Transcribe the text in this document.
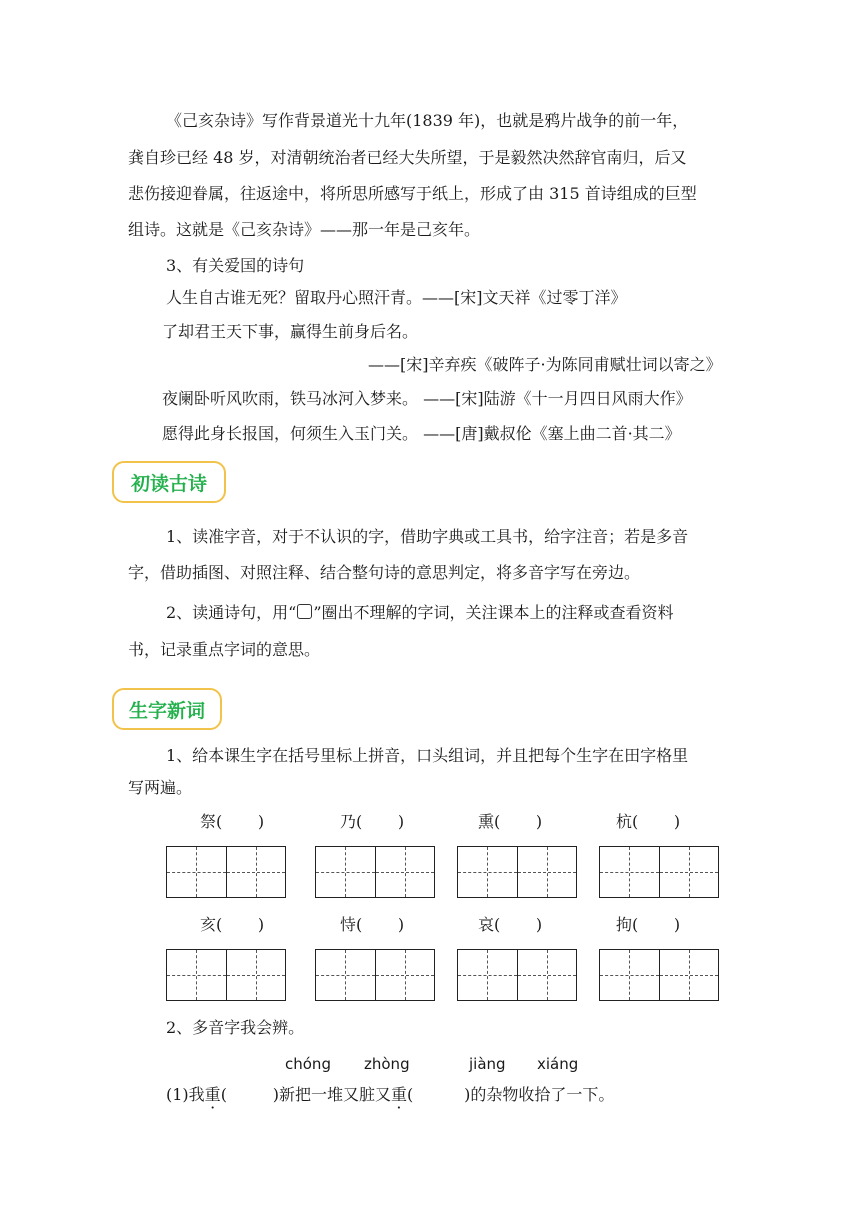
《己亥杂诗》写作背景道光十九年(1839 年)，也就是鸦片战争的前一年，
龚自珍已经 48 岁，对清朝统治者已经大失所望，于是毅然决然辞官南归，后又
悲伤接迎眷属，往返途中，将所思所感写于纸上，形成了由 315 首诗组成的巨型
组诗。这就是《己亥杂诗》——那一年是己亥年。
3、有关爱国的诗句
人生自古谁无死？留取丹心照汗青。——[宋]文天祥《过零丁洋》
了却君王天下事，赢得生前身后名。
——[宋]辛弃疾《破阵子·为陈同甫赋壮词以寄之》
夜阑卧听风吹雨，铁马冰河入梦来。 ——[宋]陆游《十一月四日风雨大作》
愿得此身长报国，何须生入玉门关。 ——[唐]戴叔伦《塞上曲二首·其二》
初读古诗
1、读准字音，对于不认识的字，借助字典或工具书，给字注音；若是多音
字，借助插图、对照注释、结合整句诗的意思判定，将多音字写在旁边。
2、读通诗句，用“ ”圈出不理解的字词，关注课本上的注释或查看资料
书，记录重点字词的意思。
生字新词
1、给本课生字在括号里标上拼音，口头组词，并且把每个生字在田字格里
写两遍。
祭(       )	乃(       )	熏(       )	杭(       )
亥(       )	恃(       )	哀(       )	拘(       )
2、多音字我会辨。
chóng zhòng	jiàng xiáng
(1)我重(         )新把一堆又脏又重(          )的杂物收拾了一下。
